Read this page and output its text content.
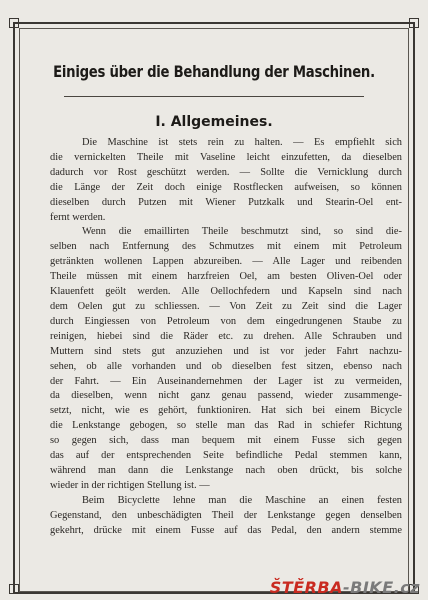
Einiges über die Behandlung der Maschinen.
I. Allgemeines.

Die Maschine ist stets rein zu halten. — Es empfiehlt sich
die vernickelten Theile mit Vaseline leicht einzufetten, da dieselben
dadurch vor Rost geschützt werden. — Sollte die Vernicklung durch
die Länge der Zeit doch einige Rostflecken aufweisen, so können
dieselben durch Putzen mit Wiener Putzkalk und Stearin-Oel ent-
fernt werden.

Wenn die emaillirten Theile beschmutzt sind, so sind die-
selben nach Entfernung des Schmutzes mit einem mit Petroleum
getränkten wollenen Lappen abzureiben. — Alle Lager und reibenden
Theile müssen mit einem harzfreien Oel, am besten Oliven-Oel oder
Klauenfett geölt werden. Alle Oellochfedern und Kapseln sind nach
dem Oelen gut zu schliessen. — Von Zeit zu Zeit sind die Lager
durch Eingiessen von Petroleum von dem eingedrungenen Staube zu
reinigen, hiebei sind die Räder etc. zu drehen. Alle Schrauben und
Muttern sind stets gut anzuziehen und ist vor jeder Fahrt nachzu-
sehen, ob alle vorhanden und ob dieselben fest sitzen, ebenso nach
der Fahrt. — Ein Auseinandernehmen der Lager ist zu vermeiden,
da dieselben, wenn nicht ganz genau passend, wieder zusammenge-
setzt, nicht, wie es gehört, funktioniren. Hat sich bei einem Bicycle
die Lenkstange gebogen, so stelle man das Rad in schiefer Richtung
so gegen sich, dass man bequem mit einem Fusse sich gegen
das auf der entsprechenden Seite befindliche Pedal stemmen kann,
während man dann die Lenkstange nach oben drückt, bis solche
wieder in der richtigen Stellung ist. —

Beim Bicyclette lehne man die Maschine an einen festen
Gegenstand, den unbeschädigten Theil der Lenkstange gegen denselben
gekehrt, drücke mit einem Fusse auf das Pedal, den andern stemme

ŠTĚRBA-BIKE.cz
